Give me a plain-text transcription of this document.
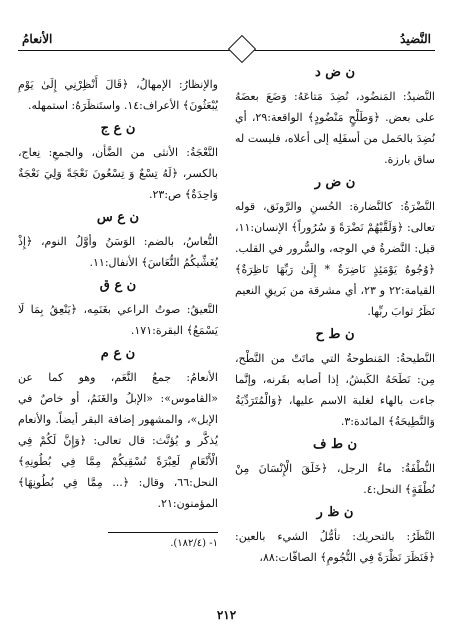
النَّضيدُ
الأنعامُ
ن ض د

النَّضيدُ: المَنضُود، نُضِدَ مَتاعَهُ: وَضَعَ بعضَهُ على بعض. ﴿وَطَلْحٍ مَنْضُودٍ﴾ الواقعة:٢٩، أي نُضِدَ بالحَمل من أسفَلِه إلى أعلاه، فليست له ساق بارزة.

ن ض ر

النَّضْرَةُ: كالنَّضارة: الحُسنِ والرَّونَق، قوله تعالى: ﴿وَلَقَّيْهُمْ نَضْرَةً وَ سُرُوراً﴾ الإنسان:١١، قيل: النَّضرةُ في الوجه، والسُّرور في القلب. ﴿وُجُوهٌ يَوْمَئِذٍ نَاضِرَةٌ * إِلَىٰ رَبِّهَا نَاظِرَةٌ﴾ القيامة:٢٢ و ٢٣، أي مشرقة من بَريقِ النعيم نَظَرُ ثوابَ ربِّها.

ن ط ح

النَّطيحةُ: المَنطوحةُ التي ماتَتْ من النَّطْح، مِن: نَطَحَهُ الكَبشُ، إذا أصابه بقَرنه، وإنَّما جاءت بالهاء لغلبة الاسم عليها، ﴿وَالْمُتَرَدِّيَةُ وَالنَّطِيحَةُ﴾ المائدة:٣.

ن ط ف

النُّطْفَةُ: ماءُ الرجل، ﴿خَلَقَ الْإِنْسَانَ مِنْ نُطْفَةٍ﴾ النحل:٤.

ن ظ ر

النَّظَرُ: بالتحريك: تأمُّلُ الشيء بالعين: ﴿فَنَظَرَ نَظْرَةً فِي النُّجُومِ﴾ الصافّات:٨٨،

والإنظارُ: الإمهالُ، ﴿قَالَ أَنْظِرْنِي إِلَىٰ يَوْمِ يُبْعَثُونَ﴾ الأعراف:١٤. واستَنظَرَهُ: استمهله.

ن ع ج

النَّعْجَةُ: الأنثى من الضَّأن، والجمعِ: نِعاج، بالكسر، ﴿لَهُ تِسْعٌ وَ تِسْعُونَ نَعْجَةً وَلِيَ نَعْجَةٌ وَاحِدَةٌ﴾ ص:٢٣.

ن ع س

النُّعاسُ، بالضم: الوَسَنُ وأوَّلُ النوم، ﴿إِذْ يُغَشِّيكُمُ النُّعَاسَ﴾ الأنفال:١١.

ن ع ق

النَّعيقُ: صوتُ الراعي بغَنَمِه، ﴿يَنْعِقُ بِمَا لَا يَسْمَعُ﴾ البقرة:١٧١.

ن ع م

الأنعامُ: جمعُ النَّعَم، وهو كما عن «القاموس»: «الإبلُ والغَنَمُ، أو خاصٌ في الإبل»، والمشهور إضافة البقر أيضاً. والأنعام يُذكَّر و يُؤنَّث: قال تعالى: ﴿وَإِنَّ لَكُمْ فِي الْأَنْعَامِ لَعِبْرَةً نُسْقِيكُمْ مِمَّا فِي بُطُونِهِ﴾ النحل:٦٦، وقال: ﴿... مِمَّا فِي بُطُونِهَا﴾ المؤمنون:٢١.

١- (١٨٢/٤).
٢١٢
